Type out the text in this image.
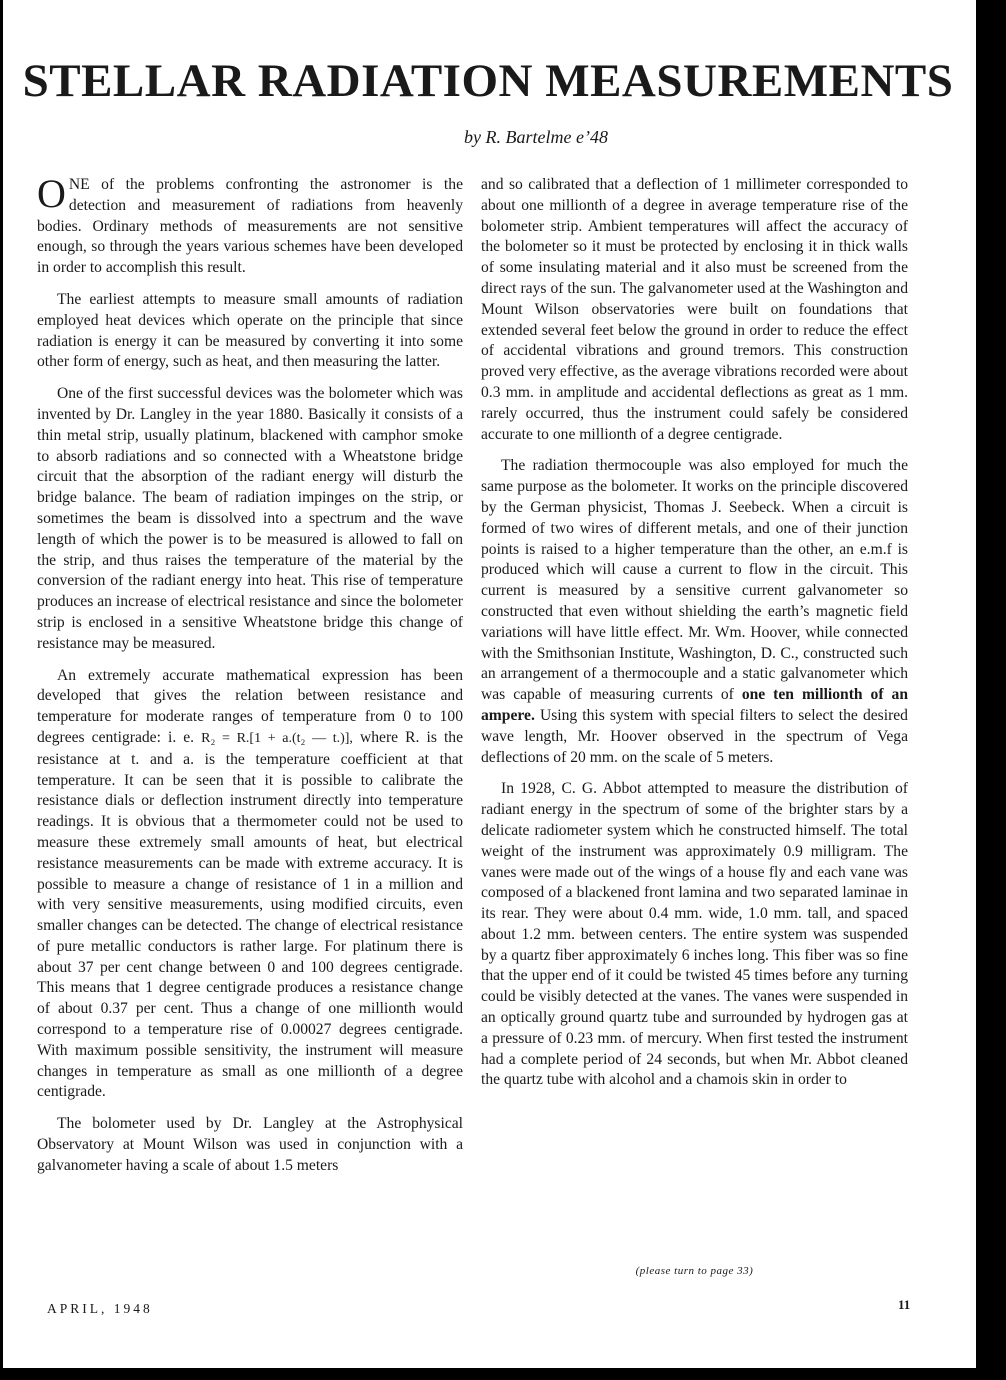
STELLAR RADIATION MEASUREMENTS
by R. Bartelme e’48

ONE of the problems confronting the astronomer is the detection and measurement of radiations from heavenly bodies. Ordinary methods of measurements are not sensitive enough, so through the years various schemes have been developed in order to accomplish this result.

The earliest attempts to measure small amounts of radiation employed heat devices which operate on the principle that since radiation is energy it can be measured by converting it into some other form of energy, such as heat, and then measuring the latter.

One of the first successful devices was the bolometer which was invented by Dr. Langley in the year 1880. Basically it consists of a thin metal strip, usually platinum, blackened with camphor smoke to absorb radiations and so connected with a Wheatstone bridge circuit that the absorption of the radiant energy will disturb the bridge balance. The beam of radiation impinges on the strip, or sometimes the beam is dissolved into a spectrum and the wave length of which the power is to be measured is allowed to fall on the strip, and thus raises the temperature of the material by the conversion of the radiant energy into heat. This rise of temperature produces an increase of electrical resistance and since the bolometer strip is enclosed in a sensitive Wheatstone bridge this change of resistance may be measured.

An extremely accurate mathematical expression has been developed that gives the relation between resistance and temperature for moderate ranges of temperature from 0 to 100 degrees centigrade: i. e. R₂ = R.[1 + a.(t₂ — t.)], where R. is the resistance at t. and a. is the temperature coefficient at that temperature. It can be seen that it is possible to calibrate the resistance dials or deflection instrument directly into temperature readings. It is obvious that a thermometer could not be used to measure these extremely small amounts of heat, but electrical resistance measurements can be made with extreme accuracy. It is possible to measure a change of resistance of 1 in a million and with very sensitive measurements, using modified circuits, even smaller changes can be detected. The change of electrical resistance of pure metallic conductors is rather large. For platinum there is about 37 per cent change between 0 and 100 degrees centigrade. This means that 1 degree centigrade produces a resistance change of about 0.37 per cent. Thus a change of one millionth would correspond to a temperature rise of 0.00027 degrees centigrade. With maximum possible sensitivity, the instrument will measure changes in temperature as small as one millionth of a degree centigrade.

The bolometer used by Dr. Langley at the Astrophysical Observatory at Mount Wilson was used in conjunction with a galvanometer having a scale of about 1.5 meters

and so calibrated that a deflection of 1 millimeter corresponded to about one millionth of a degree in average temperature rise of the bolometer strip. Ambient temperatures will affect the accuracy of the bolometer so it must be protected by enclosing it in thick walls of some insulating material and it also must be screened from the direct rays of the sun. The galvanometer used at the Washington and Mount Wilson observatories were built on foundations that extended several feet below the ground in order to reduce the effect of accidental vibrations and ground tremors. This construction proved very effective, as the average vibrations recorded were about 0.3 mm. in amplitude and accidental deflections as great as 1 mm. rarely occurred, thus the instrument could safely be considered accurate to one millionth of a degree centigrade.

The radiation thermocouple was also employed for much the same purpose as the bolometer. It works on the principle discovered by the German physicist, Thomas J. Seebeck. When a circuit is formed of two wires of different metals, and one of their junction points is raised to a higher temperature than the other, an e.m.f is produced which will cause a current to flow in the circuit. This current is measured by a sensitive current galvanometer so constructed that even without shielding the earth’s magnetic field variations will have little effect. Mr. Wm. Hoover, while connected with the Smithsonian Institute, Washington, D. C., constructed such an arrangement of a thermocouple and a static galvanometer which was capable of measuring currents of one ten millionth of an ampere. Using this system with special filters to select the desired wave length, Mr. Hoover observed in the spectrum of Vega deflections of 20 mm. on the scale of 5 meters.

In 1928, C. G. Abbot attempted to measure the distribution of radiant energy in the spectrum of some of the brighter stars by a delicate radiometer system which he constructed himself. The total weight of the instrument was approximately 0.9 milligram. The vanes were made out of the wings of a house fly and each vane was composed of a blackened front lamina and two separated laminae in its rear. They were about 0.4 mm. wide, 1.0 mm. tall, and spaced about 1.2 mm. between centers. The entire system was suspended by a quartz fiber approximately 6 inches long. This fiber was so fine that the upper end of it could be twisted 45 times before any turning could be visibly detected at the vanes. The vanes were suspended in an optically ground quartz tube and surrounded by hydrogen gas at a pressure of 0.23 mm. of mercury. When first tested the instrument had a complete period of 24 seconds, but when Mr. Abbot cleaned the quartz tube with alcohol and a chamois skin in order to

(please turn to page 33)
APRIL, 1948	11
